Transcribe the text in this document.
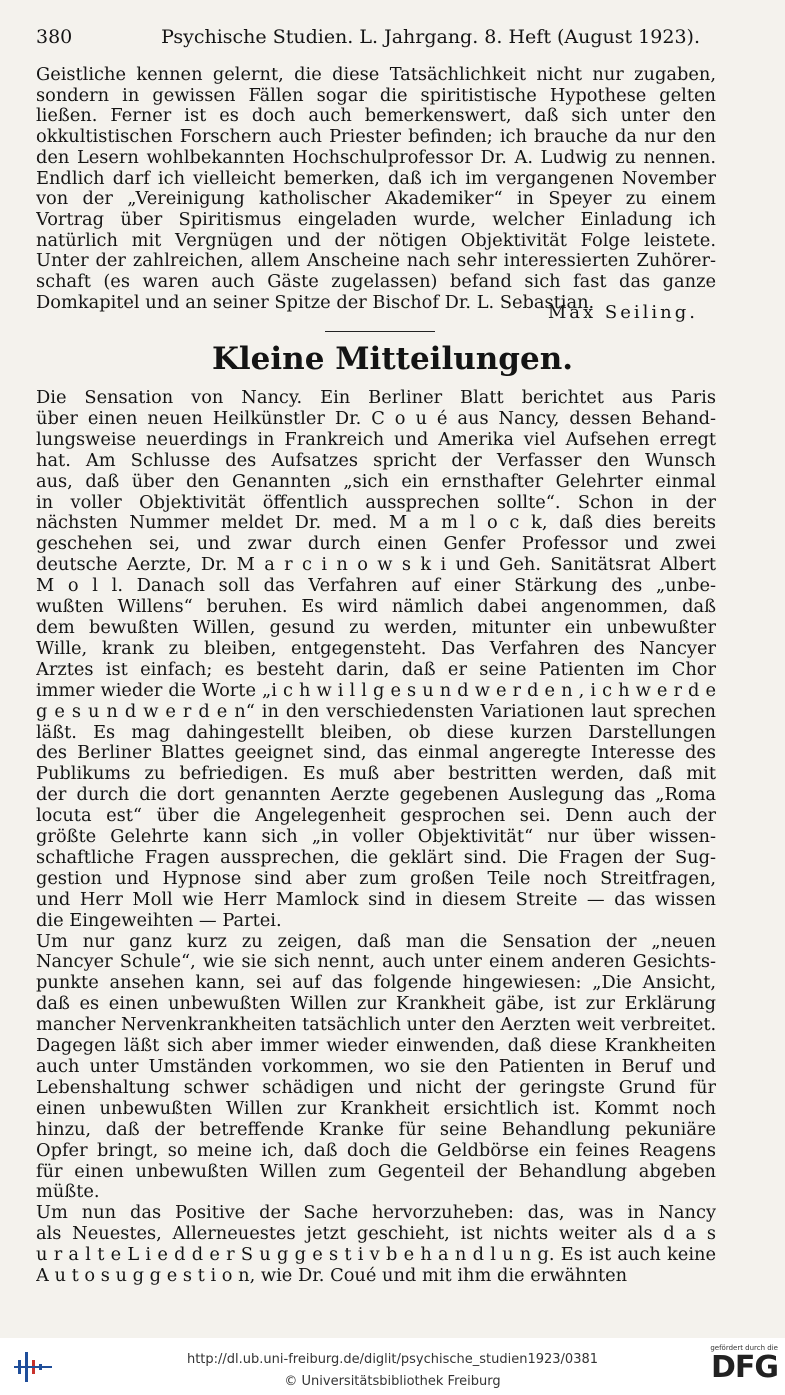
380	Psychische Studien. L. Jahrgang. 8. Heft (August 1923).
Geistliche kennen gelernt, die diese Tatsächlichkeit nicht nur zugaben,
sondern in gewissen Fällen sogar die spiritistische Hypothese gelten
ließen. Ferner ist es doch auch bemerkenswert, daß sich unter den
okkultistischen Forschern auch Priester befinden; ich brauche da nur den
den Lesern wohlbekannten Hochschulprofessor Dr. A. Ludwig zu nennen.
Endlich darf ich vielleicht bemerken, daß ich im vergangenen November
von der „Vereinigung katholischer Akademiker“ in Speyer zu einem
Vortrag über Spiritismus eingeladen wurde, welcher Einladung ich
natürlich mit Vergnügen und der nötigen Objektivität Folge leistete.
Unter der zahlreichen, allem Anscheine nach sehr interessierten Zuhörer-
schaft (es waren auch Gäste zugelassen) befand sich fast das ganze
Domkapitel und an seiner Spitze der Bischof Dr. L. Sebastian.
Max Seiling.
Kleine Mitteilungen.
Die Sensation von Nancy. Ein Berliner Blatt berichtet aus Paris
über einen neuen Heilkünstler Dr. C o u é aus Nancy, dessen Behand-
lungsweise neuerdings in Frankreich und Amerika viel Aufsehen erregt
hat. Am Schlusse des Aufsatzes spricht der Verfasser den Wunsch
aus, daß über den Genannten „sich ein ernsthafter Gelehrter einmal
in voller Objektivität öffentlich aussprechen sollte“. Schon in der
nächsten Nummer meldet Dr. med. M a m l o c k, daß dies bereits
geschehen sei, und zwar durch einen Genfer Professor und zwei
deutsche Aerzte, Dr. M a r c i n o w s k i und Geh. Sanitätsrat Albert
M o l l. Danach soll das Verfahren auf einer Stärkung des „unbe-
wußten Willens“ beruhen. Es wird nämlich dabei angenommen, daß
dem bewußten Willen, gesund zu werden, mitunter ein unbewußter
Wille, krank zu bleiben, entgegensteht. Das Verfahren des Nancyer
Arztes ist einfach; es besteht darin, daß er seine Patienten im Chor
immer wieder die Worte „i c h w i l l g e s u n d w e r d e n , i c h w e r d e
g e s u n d w e r d e n“ in den verschiedensten Variationen laut sprechen
läßt. Es mag dahingestellt bleiben, ob diese kurzen Darstellungen
des Berliner Blattes geeignet sind, das einmal angeregte Interesse des
Publikums zu befriedigen. Es muß aber bestritten werden, daß mit
der durch die dort genannten Aerzte gegebenen Auslegung das „Roma
locuta est“ über die Angelegenheit gesprochen sei. Denn auch der
größte Gelehrte kann sich „in voller Objektivität“ nur über wissen-
schaftliche Fragen aussprechen, die geklärt sind. Die Fragen der Sug-
gestion und Hypnose sind aber zum großen Teile noch Streitfragen,
und Herr Moll wie Herr Mamlock sind in diesem Streite — das wissen
die Eingeweihten — Partei.
Um nur ganz kurz zu zeigen, daß man die Sensation der „neuen
Nancyer Schule“, wie sie sich nennt, auch unter einem anderen Gesichts-
punkte ansehen kann, sei auf das folgende hingewiesen: „Die Ansicht,
daß es einen unbewußten Willen zur Krankheit gäbe, ist zur Erklärung
mancher Nervenkrankheiten tatsächlich unter den Aerzten weit verbreitet.
Dagegen läßt sich aber immer wieder einwenden, daß diese Krankheiten
auch unter Umständen vorkommen, wo sie den Patienten in Beruf und
Lebenshaltung schwer schädigen und nicht der geringste Grund für
einen unbewußten Willen zur Krankheit ersichtlich ist. Kommt noch
hinzu, daß der betreffende Kranke für seine Behandlung pekuniäre
Opfer bringt, so meine ich, daß doch die Geldbörse ein feines Reagens
für einen unbewußten Willen zum Gegenteil der Behandlung abgeben
müßte.
Um nun das Positive der Sache hervorzuheben: das, was in Nancy
als Neuestes, Allerneuestes jetzt geschieht, ist nichts weiter als d a s
u r a l t e L i e d d e r S u g g e s t i v b e h a n d l u n g. Es ist auch keine
A u t o s u g g e s t i o n, wie Dr. Coué und mit ihm die erwähnten
http://dl.ub.uni-freiburg.de/diglit/psychische_studien1923/0381
© Universitätsbibliothek Freiburg
gefördert durch die
DFG
